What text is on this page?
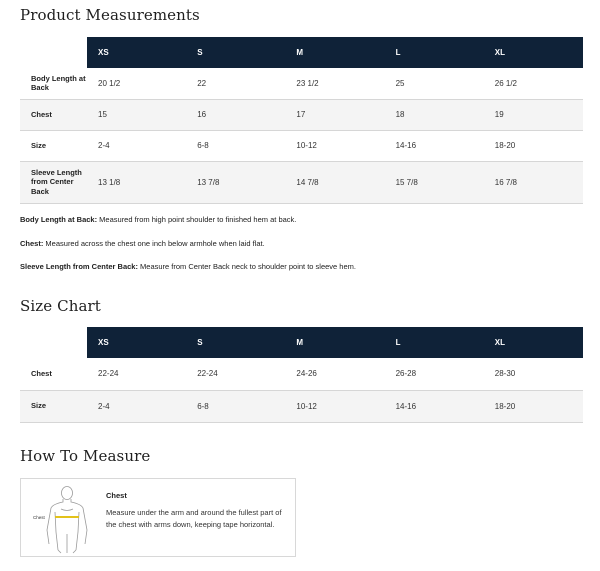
Product Measurements
	XS	S	M	L	XL
Body Length at Back	20 1/2	22	23 1/2	25	26 1/2
Chest	15	16	17	18	19
Size	2-4	6-8	10-12	14-16	18-20
Sleeve Length from Center Back	13 1/8	13 7/8	14 7/8	15 7/8	16 7/8

Body Length at Back: Measured from high point shoulder to finished hem at back.

Chest: Measured across the chest one inch below armhole when laid flat.

Sleeve Length from Center Back: Measure from Center Back neck to shoulder point to sleeve hem.

Size Chart
	XS	S	M	L	XL
Chest	22-24	22-24	24-26	26-28	28-30
Size	2-4	6-8	10-12	14-16	18-20
How To Measure
Chest
Chest
Measure under the arm and around the fullest part of the chest with arms down, keeping tape horizontal.
